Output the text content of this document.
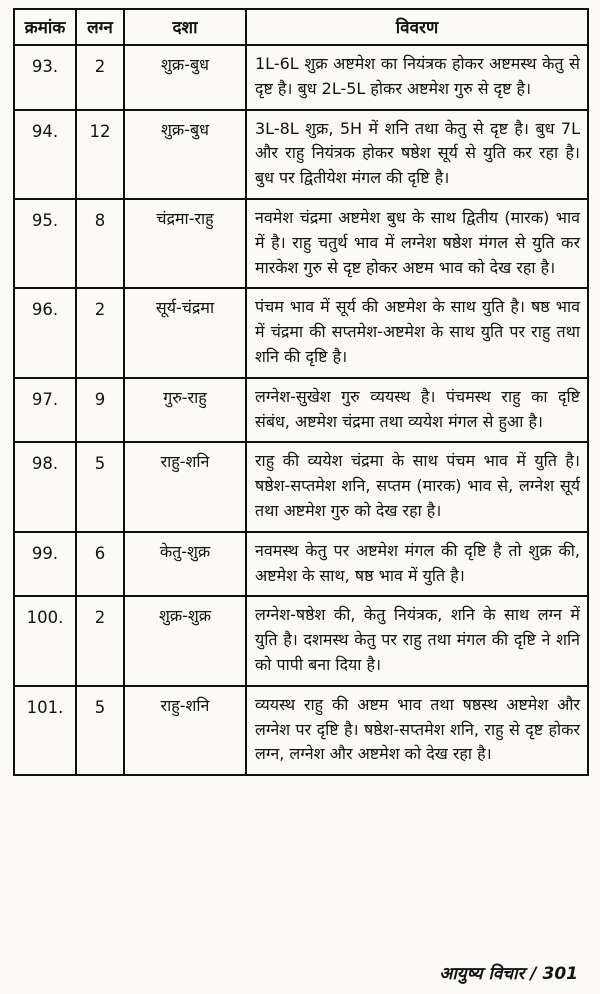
क्रमांक	लग्न	दशा	विवरण
93.	2	शुक्र-बुध	1L-6L शुक्र अष्टमेश का नियंत्रक होकर अष्टमस्थ केतु से दृष्ट है। बुध 2L-5L होकर अष्टमेश गुरु से दृष्ट है।
94.	12	शुक्र-बुध	3L-8L शुक्र, 5H में शनि तथा केतु से दृष्ट है। बुध 7L और राहु नियंत्रक होकर षष्ठेश सूर्य से युति कर रहा है। बुध पर द्वितीयेश मंगल की दृष्टि है।
95.	8	चंद्रमा-राहु	नवमेश चंद्रमा अष्टमेश बुध के साथ द्वितीय (मारक) भाव में है। राहु चतुर्थ भाव में लग्नेश षष्ठेश मंगल से युति कर मारकेश गुरु से दृष्ट होकर अष्टम भाव को देख रहा है।
96.	2	सूर्य-चंद्रमा	पंचम भाव में सूर्य की अष्टमेश के साथ युति है। षष्ठ भाव में चंद्रमा की सप्तमेश-अष्टमेश के साथ युति पर राहु तथा शनि की दृष्टि है।
97.	9	गुरु-राहु	लग्नेश-सुखेश गुरु व्ययस्थ है। पंचमस्थ राहु का दृष्टि संबंध, अष्टमेश चंद्रमा तथा व्ययेश मंगल से हुआ है।
98.	5	राहु-शनि	राहु की व्ययेश चंद्रमा के साथ पंचम भाव में युति है। षष्ठेश-सप्तमेश शनि, सप्तम (मारक) भाव से, लग्नेश सूर्य तथा अष्टमेश गुरु को देख रहा है।
99.	6	केतु-शुक्र	नवमस्थ केतु पर अष्टमेश मंगल की दृष्टि है तो शुक्र की, अष्टमेश के साथ, षष्ठ भाव में युति है।
100.	2	शुक्र-शुक्र	लग्नेश-षष्ठेश की, केतु नियंत्रक, शनि के साथ लग्न में युति है। दशमस्थ केतु पर राहु तथा मंगल की दृष्टि ने शनि को पापी बना दिया है।
101.	5	राहु-शनि	व्ययस्थ राहु की अष्टम भाव तथा षष्ठस्थ अष्टमेश और लग्नेश पर दृष्टि है। षष्ठेश-सप्तमेश शनि, राहु से दृष्ट होकर लग्न, लग्नेश और अष्टमेश को देख रहा है।
आयुष्य विचार / 301
